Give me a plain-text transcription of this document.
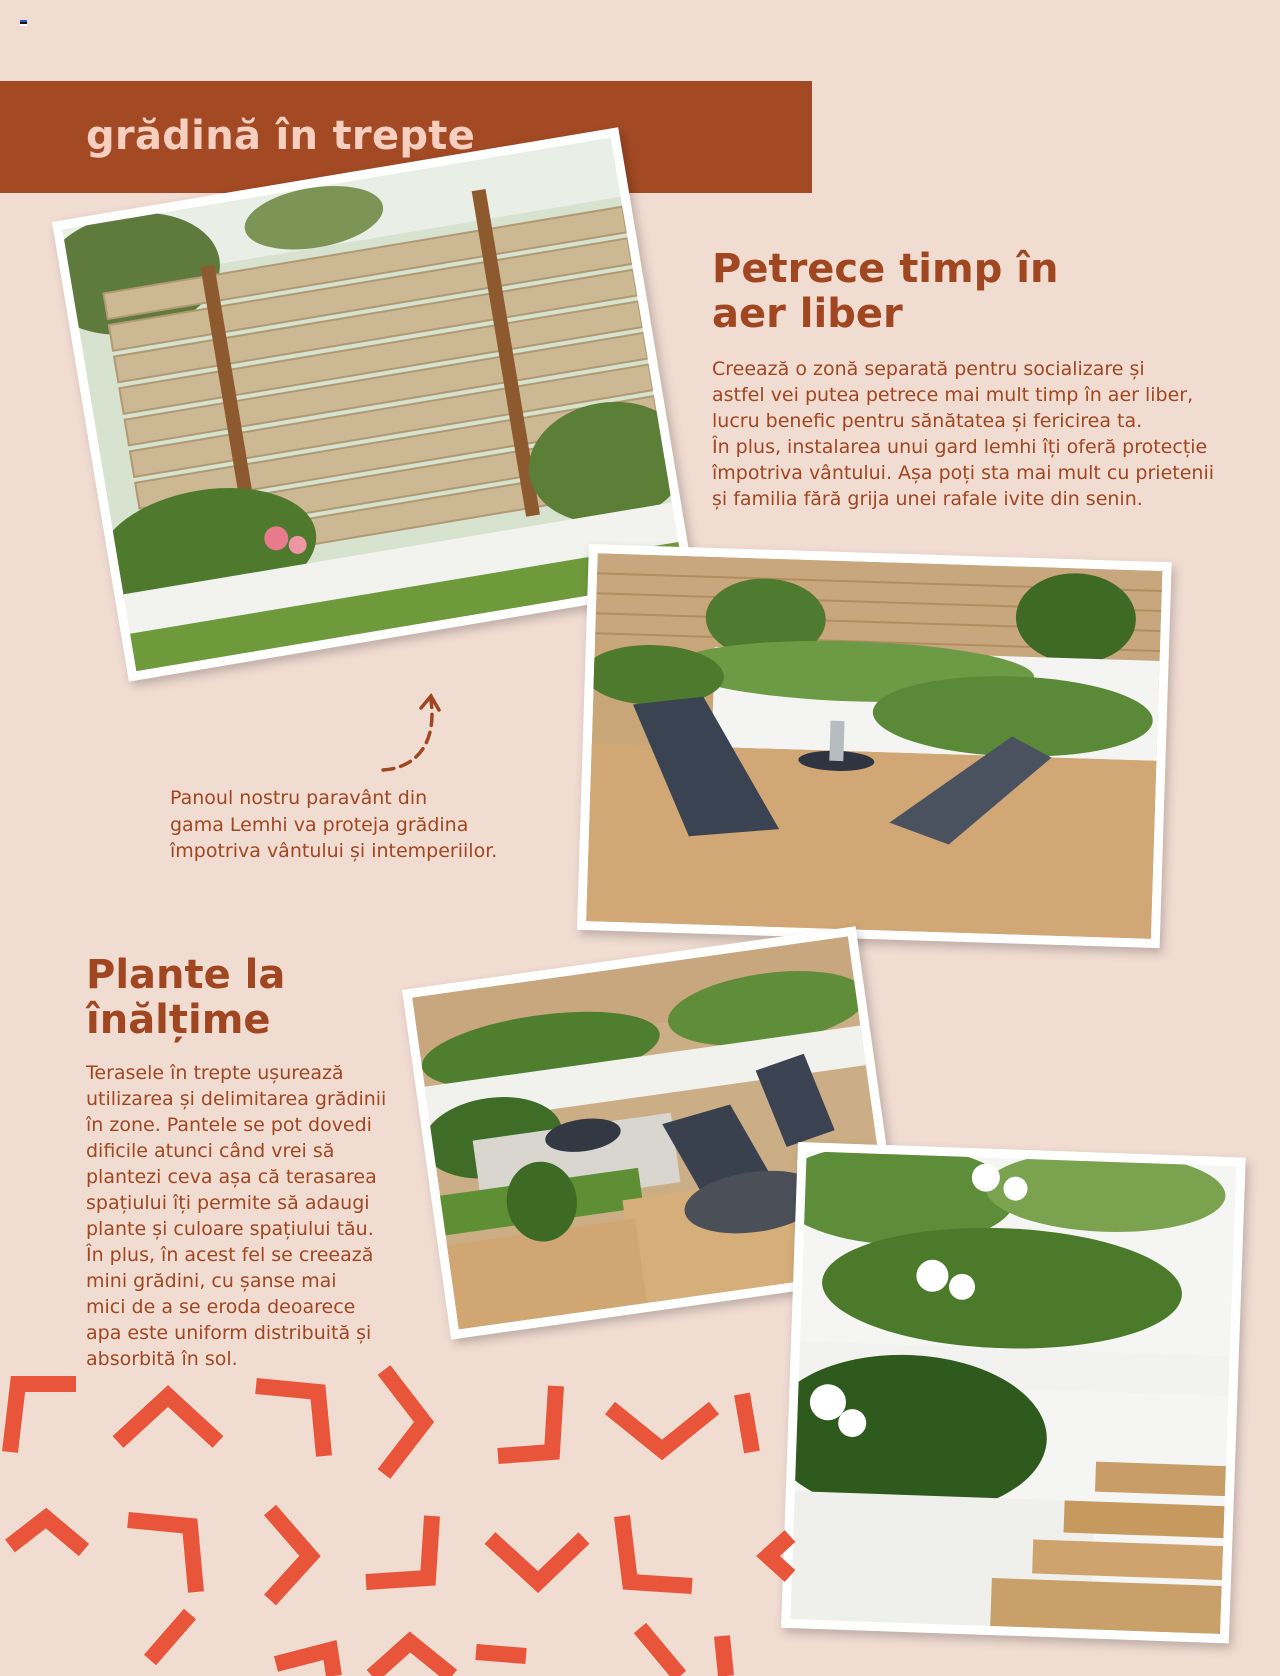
grădină în trepte
Petrece timp în
aer liber

Creează o zonă separată pentru socializare și
astfel vei putea petrece mai mult timp în aer liber,
lucru benefic pentru sănătatea și fericirea ta.
În plus, instalarea unui gard lemhi îți oferă protecție
împotriva vântului. Așa poți sta mai mult cu prietenii
și familia fără grija unei rafale ivite din senin.

Panoul nostru paravânt din
gama Lemhi va proteja grădina
împotriva vântului și intemperiilor.

Plante la
înălțime

Terasele în trepte ușurează
utilizarea și delimitarea grădinii
în zone. Pantele se pot dovedi
dificile atunci când vrei să
plantezi ceva așa că terasarea
spațiului îți permite să adaugi
plante și culoare spațiului tău.
În plus, în acest fel se creează
mini grădini, cu șanse mai
mici de a se eroda deoarece
apa este uniform distribuită și
absorbită în sol.
